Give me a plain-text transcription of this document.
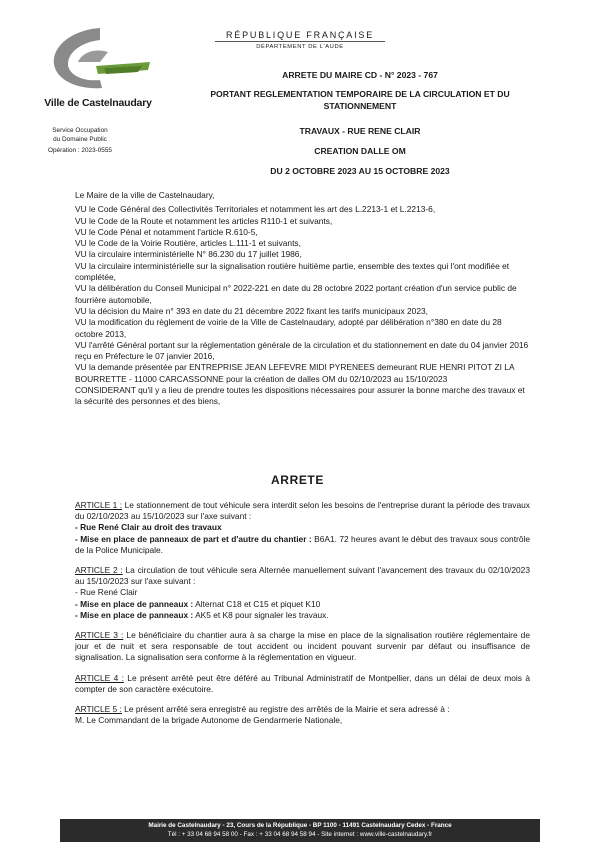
Ville de Castelnaudary
Service Occupation
du Domaine Public
Opération : 2023-0555
RÉPUBLIQUE FRANÇAISE
DÉPARTEMENT DE L'AUDE
ARRETE DU MAIRE CD - N° 2023 - 767
PORTANT REGLEMENTATION TEMPORAIRE DE LA CIRCULATION ET DU
STATIONNEMENT
TRAVAUX - RUE RENE CLAIR
CREATION DALLE OM
DU 2 OCTOBRE 2023 AU 15 OCTOBRE 2023

Le Maire de la ville de Castelnaudary,

VU le Code Général des Collectivités Territoriales et notamment les art des L.2213-1 et L.2213-6,

VU le Code de la Route et notamment les articles R110-1 et suivants,

VU le Code Pénal et notamment l'article R.610-5,

VU le Code de la Voirie Routière, articles L.111-1 et suivants,

VU la circulaire interministérielle N° 86.230 du 17 juillet 1986,

VU la circulaire interministérielle sur la signalisation routière huitième partie, ensemble des textes qui l'ont modifiée et complétée,

VU la délibération du Conseil Municipal n° 2022-221 en date du 28 octobre 2022 portant création d'un service public de fourrière automobile,

VU la décision du Maire n° 393 en date du 21 décembre 2022 fixant les tarifs municipaux 2023,

VU la modification du règlement de voirie de la Ville de Castelnaudary, adopté par délibération n°380 en date du 28 octobre 2013,

VU l'arrêté Général portant sur la réglementation générale de la circulation et du stationnement en date du 04 janvier 2016 reçu en Préfecture le 07 janvier 2016,

VU la demande présentée par ENTREPRISE JEAN LEFEVRE MIDI PYRENEES demeurant RUE HENRI PITOT ZI LA BOURRETTE - 11000 CARCASSONNE pour la création de dalles OM du 02/10/2023 au 15/10/2023

CONSIDERANT qu'il y a lieu de prendre toutes les dispositions nécessaires pour assurer la bonne marche des travaux et la sécurité des personnes et des biens,

ARRETE

ARTICLE 1 : Le stationnement de tout véhicule sera interdit selon les besoins de l'entreprise durant la période des travaux du 02/10/2023 au 15/10/2023 sur l'axe suivant :

- Rue René Clair au droit des travaux

- Mise en place de panneaux de part et d'autre du chantier : B6A1. 72 heures avant le début des travaux sous contrôle de la Police Municipale.

ARTICLE 2 : La circulation de tout véhicule sera Alternée manuellement suivant l'avancement des travaux du 02/10/2023 au 15/10/2023 sur l'axe suivant :

- Rue René Clair

- Mise en place de panneaux : Alternat C18 et C15 et piquet K10

- Mise en place de panneaux : AK5 et K8 pour signaler les travaux.

ARTICLE 3 : Le bénéficiaire du chantier aura à sa charge la mise en place de la signalisation routière réglementaire de jour et de nuit et sera responsable de tout accident ou incident pouvant survenir par défaut ou insuffisance de signalisation. La signalisation sera conforme à la réglementation en vigueur.

ARTICLE 4 : Le présent arrêté peut être déféré au Tribunal Administratif de Montpellier, dans un délai de deux mois à compter de son caractère exécutoire.

ARTICLE 5 : Le présent arrêté sera enregistré au registre des arrêtés de la Mairie et sera adressé à :

M. Le Commandant de la brigade Autonome de Gendarmerie Nationale,

Mairie de Castelnaudary - 23, Cours de la République - BP 1100 - 11491 Castelnaudary Cedex - France
Tél : + 33 04 68 94 58 00 - Fax : + 33 04 68 94 58 94 - Site internet : www.ville-castelnaudary.fr
